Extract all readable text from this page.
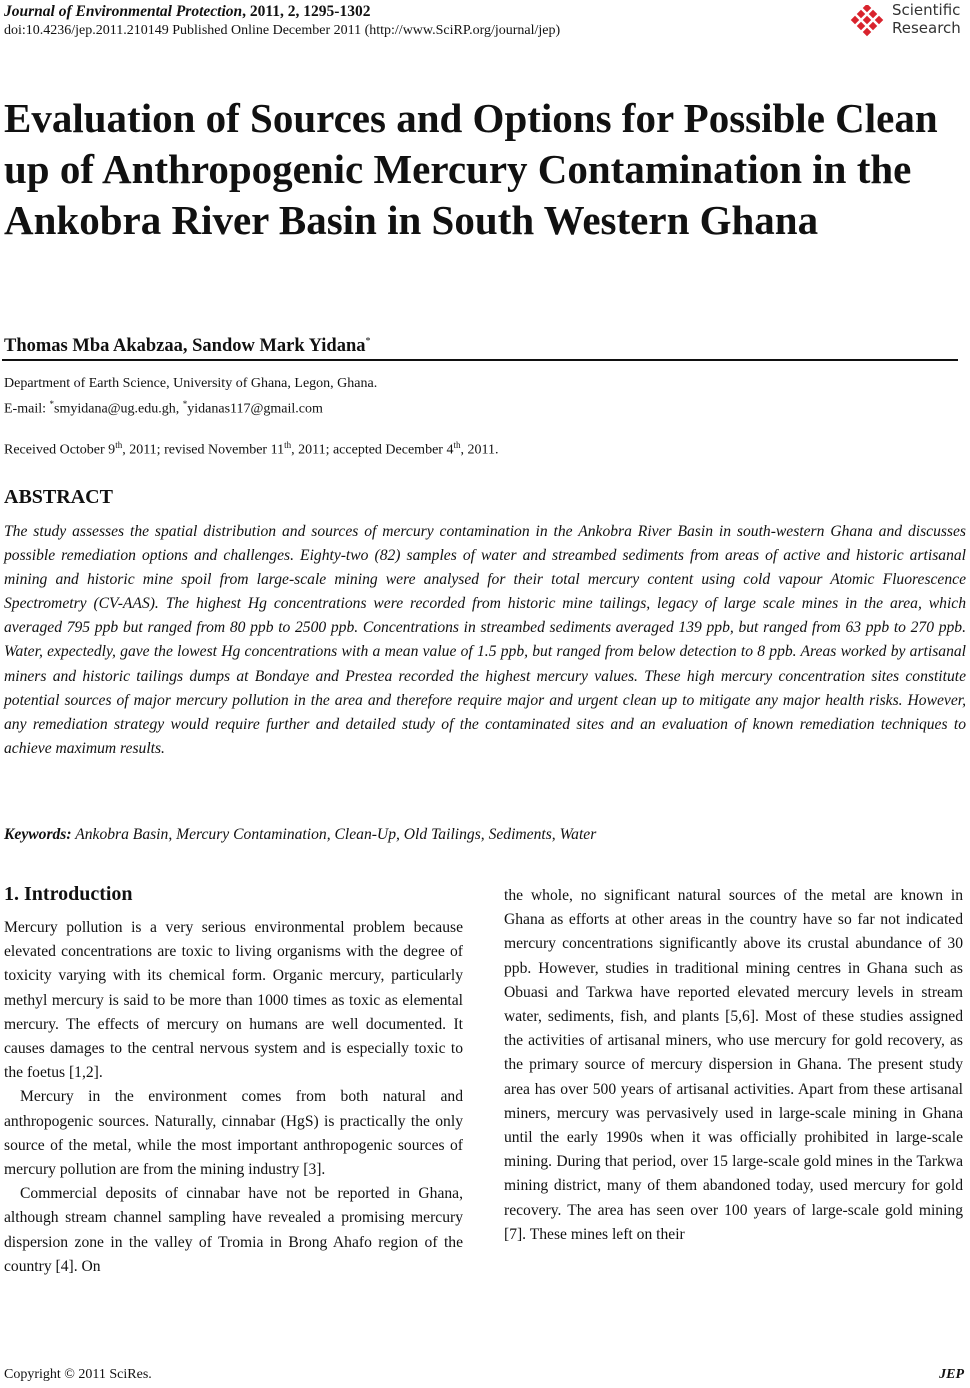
Journal of Environmental Protection, 2011, 2, 1295-1302
doi:10.4236/jep.2011.210149 Published Online December 2011 (http://www.SciRP.org/journal/jep)
Scientific
Research
Evaluation of Sources and Options for Possible Clean up of Anthropogenic Mercury Contamination in the Ankobra River Basin in South Western Ghana
Thomas Mba Akabzaa, Sandow Mark Yidana*
Department of Earth Science, University of Ghana, Legon, Ghana.
E-mail: *smyidana@ug.edu.gh, *yidanas117@gmail.com
Received October 9th, 2011; revised November 11th, 2011; accepted December 4th, 2011.
ABSTRACT

The study assesses the spatial distribution and sources of mercury contamination in the Ankobra River Basin in south-western Ghana and discusses possible remediation options and challenges. Eighty-two (82) samples of water and streambed sediments from areas of active and historic artisanal mining and historic mine spoil from large-scale mining were analysed for their total mercury content using cold vapour Atomic Fluorescence Spectrometry (CV-AAS). The highest Hg concentrations were recorded from historic mine tailings, legacy of large scale mines in the area, which averaged 795 ppb but ranged from 80 ppb to 2500 ppb. Concentrations in streambed sediments averaged 139 ppb, but ranged from 63 ppb to 270 ppb. Water, expectedly, gave the lowest Hg concentrations with a mean value of 1.5 ppb, but ranged from below detection to 8 ppb. Areas worked by artisanal miners and historic tailings dumps at Bondaye and Prestea recorded the highest mercury values. These high mercury concentration sites constitute potential sources of major mercury pollution in the area and therefore require major and urgent clean up to mitigate any major health risks. However, any remediation strategy would require further and detailed study of the contaminated sites and an evaluation of known remediation techniques to achieve maximum results.

Keywords: Ankobra Basin, Mercury Contamination, Clean-Up, Old Tailings, Sediments, Water
1. Introduction

Mercury pollution is a very serious environmental problem because elevated concentrations are toxic to living organisms with the degree of toxicity varying with its chemical form. Organic mercury, particularly methyl mercury is said to be more than 1000 times as toxic as elemental mercury. The effects of mercury on humans are well documented. It causes damages to the central nervous system and is especially toxic to the foetus [1,2].

Mercury in the environment comes from both natural and anthropogenic sources. Naturally, cinnabar (HgS) is practically the only source of the metal, while the most important anthropogenic sources of mercury pollution are from the mining industry [3].

Commercial deposits of cinnabar have not be reported in Ghana, although stream channel sampling have revealed a promising mercury dispersion zone in the valley of Tromia in Brong Ahafo region of the country [4]. On

the whole, no significant natural sources of the metal are known in Ghana as efforts at other areas in the country have so far not indicated mercury concentrations significantly above its crustal abundance of 30 ppb. However, studies in traditional mining centres in Ghana such as Obuasi and Tarkwa have reported elevated mercury levels in stream water, sediments, fish, and plants [5,6]. Most of these studies assigned the activities of artisanal miners, who use mercury for gold recovery, as the primary source of mercury dispersion in Ghana. The present study area has over 500 years of artisanal activities. Apart from these artisanal miners, mercury was pervasively used in large-scale mining in Ghana until the early 1990s when it was officially prohibited in large-scale mining. During that period, over 15 large-scale gold mines in the Tarkwa mining district, many of them abandoned today, used mercury for gold recovery. The area has seen over 100 years of large-scale gold mining [7]. These mines left on their

Copyright © 2011 SciRes.	JEP
